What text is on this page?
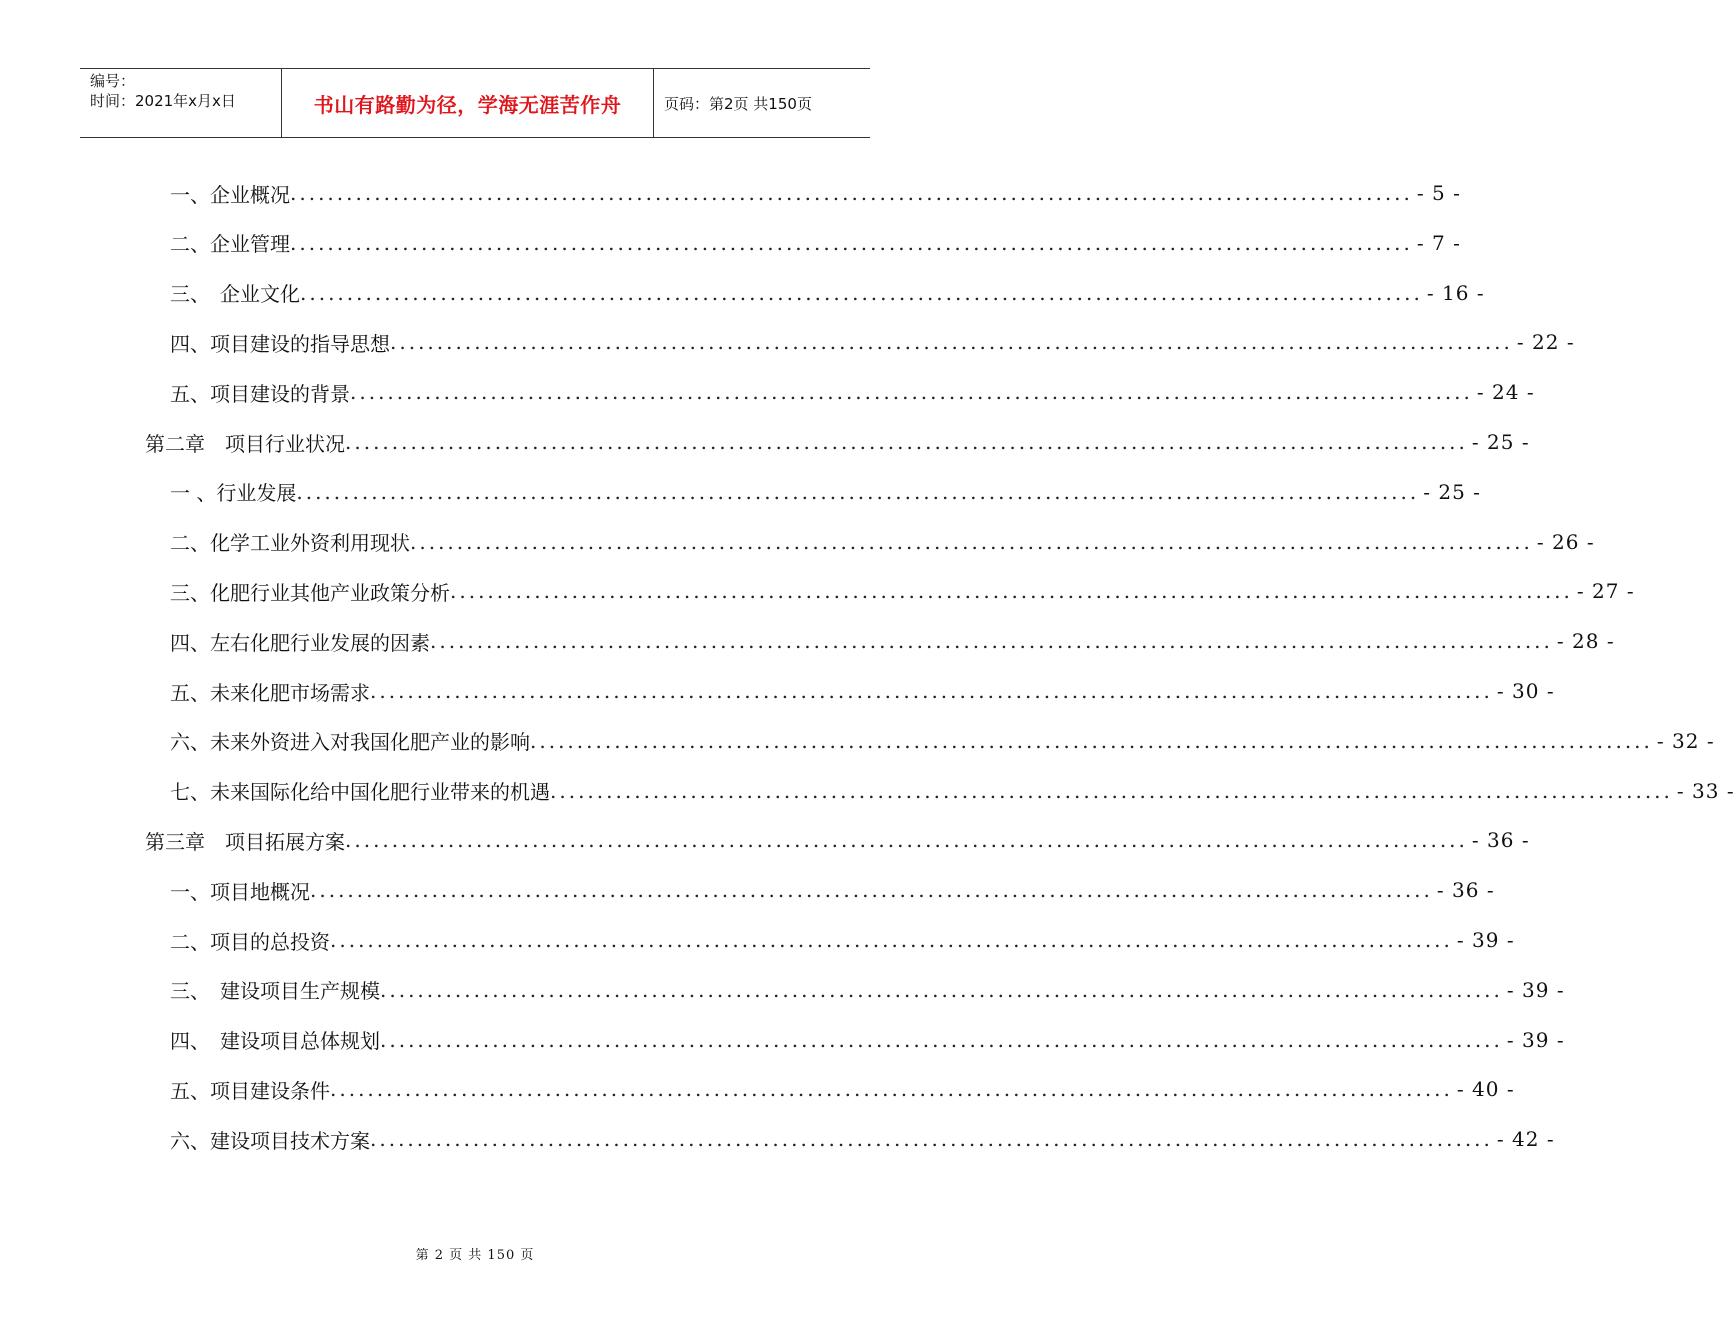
编号：
时间：2021年x月x日	书山有路勤为径，学海无涯苦作舟	页码：第2页 共150页
一、企业概况 ........................................................................................................................ - 5 -
二、企业管理 ........................................................................................................................ - 7 -
三、　企业文化 ........................................................................................................................ - 16 -
四、项目建设的指导思想 ........................................................................................................................ - 22 -
五、项目建设的背景 ........................................................................................................................ - 24 -
第二章　项目行业状况 ........................................................................................................................ - 25 -
一 、行业发展 ........................................................................................................................ - 25 -
二、化学工业外资利用现状 ........................................................................................................................ - 26 -
三、化肥行业其他产业政策分析 ........................................................................................................................ - 27 -
四、左右化肥行业发展的因素 ........................................................................................................................ - 28 -
五、未来化肥市场需求 ........................................................................................................................ - 30 -
六、未来外资进入对我国化肥产业的影响 ........................................................................................................................ - 32 -
七、未来国际化给中国化肥行业带来的机遇 ........................................................................................................................ - 33 -
第三章　项目拓展方案 ........................................................................................................................ - 36 -
一、项目地概况 ........................................................................................................................ - 36 -
二、项目的总投资 ........................................................................................................................ - 39 -
三、　建设项目生产规模 ........................................................................................................................ - 39 -
四、　建设项目总体规划 ........................................................................................................................ - 39 -
五、项目建设条件 ........................................................................................................................ - 40 -
六、建设项目技术方案 ........................................................................................................................ - 42 -
第 2 页 共 150 页
